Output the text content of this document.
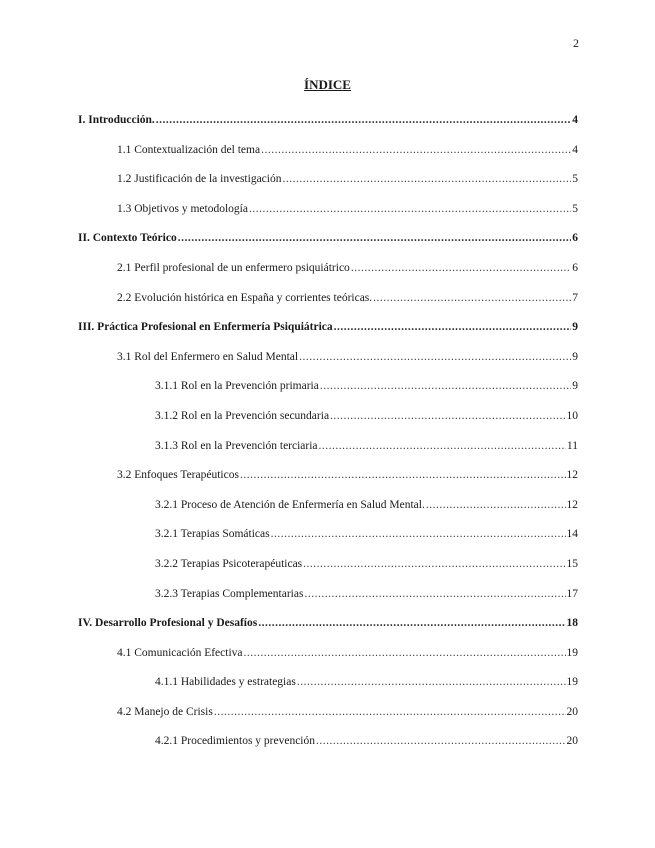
2
ÍNDICE
I. Introducción. .....	4
1.1 Contextualización del tema .....	4
1.2 Justificación de la investigación .....	5
1.3 Objetivos y metodología .....	5
II. Contexto Teórico .....	6
2.1 Perfil profesional de un enfermero psiquiátrico .....	6
2.2 Evolución histórica en España y corrientes teóricas. .....	7
III. Práctica Profesional en Enfermería Psiquiátrica .....	9
3.1 Rol del Enfermero en Salud Mental .....	9
3.1.1 Rol en la Prevención primaria .....	9
3.1.2 Rol en la Prevención secundaria .....	10
3.1.3 Rol en la Prevención terciaria .....	11
3.2 Enfoques Terapéuticos .....	12
3.2.1 Proceso de Atención de Enfermería en Salud Mental. .....	12
3.2.1 Terapias Somáticas .....	14
3.2.2 Terapias Psicoterapéuticas .....	15
3.2.3 Terapias Complementarias .....	17
IV. Desarrollo Profesional y Desafíos .....	18
4.1 Comunicación Efectiva .....	19
4.1.1 Habilidades y estrategias .....	19
4.2 Manejo de Crisis .....	20
4.2.1 Procedimientos y prevención .....	20
